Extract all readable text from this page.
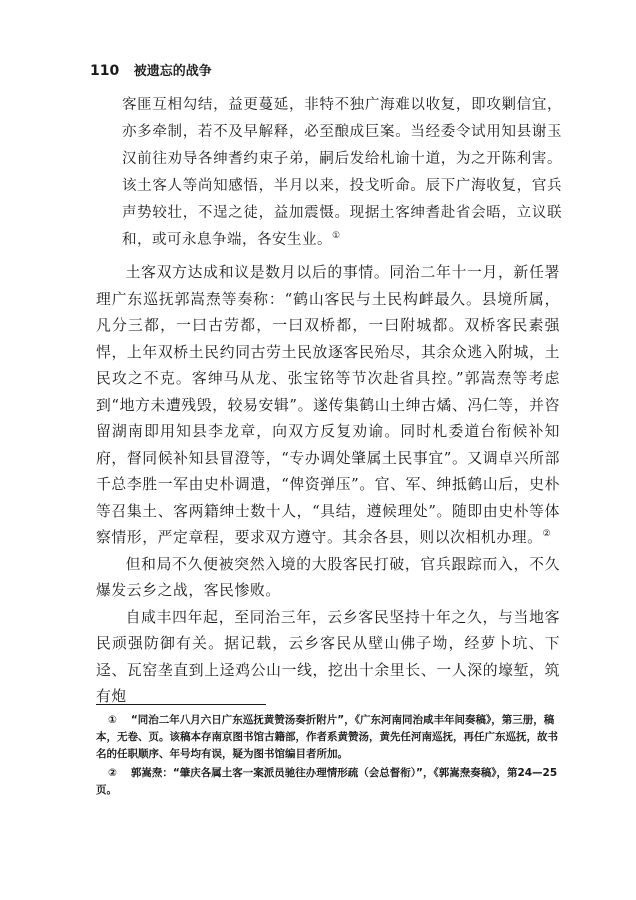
110 被遗忘的战争
客匪互相勾结，益更蔓延，非特不独广海难以收复，即攻剿信宜，亦多牵制，若不及早解释，必至酿成巨案。当经委令试用知县谢玉汉前往劝导各绅耆约束子弟，嗣后发给札谕十道，为之开陈利害。该土客人等尚知感悟，半月以来，投戈听命。辰下广海收复，官兵声势较壮，不逞之徒，益加震慑。现据土客绅耆赴省会晤，立议联和，或可永息争端，各安生业。①

土客双方达成和议是数月以后的事情。同治二年十一月，新任署理广东巡抚郭嵩焘等奏称：“鹤山客民与土民构衅最久。县境所属，凡分三都，一曰古劳都，一曰双桥都，一曰附城都。双桥客民素强悍，上年双桥土民约同古劳土民放逐客民殆尽，其余众逃入附城，土民攻之不克。客绅马从龙、张宝铭等节次赴省具控。”郭嵩焘等考虑到“地方未遭残毁，较易安辑”。遂传集鹤山土绅古燏、冯仁等，并咨留湖南即用知县李龙章，向双方反复劝谕。同时札委道台衔候补知府，督同候补知县冒澄等，“专办调处肇属土民事宜”。又调卓兴所部千总李胜一军由史朴调遣，“俾资弹压”。官、军、绅抵鹤山后，史朴等召集土、客两籍绅士数十人，“具结，遵候理处”。随即由史朴等体察情形，严定章程，要求双方遵守。其余各县，则以次相机办理。②

但和局不久便被突然入境的大股客民打破，官兵跟踪而入，不久爆发云乡之战，客民惨败。

自咸丰四年起，至同治三年，云乡客民坚持十年之久，与当地客民顽强防御有关。据记载，云乡客民从壁山佛子坳，经萝卜坑、下迳、瓦窑垄直到上迳鸡公山一线，挖出十余里长、一人深的壕堑，筑有炮

① “同治二年八月六日广东巡抚黄赞汤奏折附片”，《广东河南同治咸丰年间奏稿》，第三册，稿本，无卷、页。该稿本存南京图书馆古籍部，作者系黄赞汤，黄先任河南巡抚，再任广东巡抚，故书名的任职顺序、年号均有误，疑为图书馆编目者所加。

② 郭嵩焘：“肇庆各属土客一案派员驰往办理情形疏（会总督衔）”，《郭嵩焘奏稿》，第24—25页。
